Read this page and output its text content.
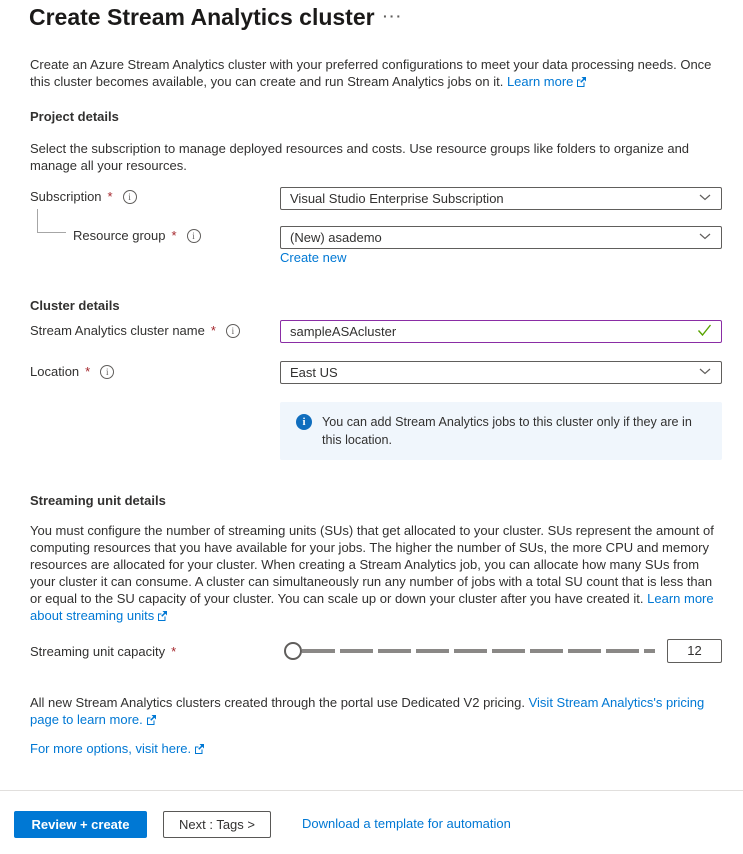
Create Stream Analytics cluster ···

Create an Azure Stream Analytics cluster with your preferred configurations to meet your data processing needs. Once this cluster becomes available, you can create and run Stream Analytics jobs on it. Learn more

Project details

Select the subscription to manage deployed resources and costs. Use resource groups like folders to organize and manage all your resources.

Subscription * i	Visual Studio Enterprise Subscription
Resource group * i	(New) asademo
Create new
Cluster details
Stream Analytics cluster name * i	sampleASAcluster
Location * i	East US
i
You can add Stream Analytics jobs to this cluster only if they are in this location.
Streaming unit details

You must configure the number of streaming units (SUs) that get allocated to your cluster. SUs represent the amount of computing resources that you have available for your jobs. The higher the number of SUs, the more CPU and memory resources are allocated for your cluster. When creating a Stream Analytics job, you can allocate how many SUs from your cluster it can consume. A cluster can simultaneously run any number of jobs with a total SU count that is less than or equal to the SU capacity of your cluster. You can scale up or down your cluster after you have created it. Learn more about streaming units

Streaming unit capacity *	12

All new Stream Analytics clusters created through the portal use Dedicated V2 pricing. Visit Stream Analytics's pricing page to learn more.

For more options, visit here.

Review + create	Next : Tags >	Download a template for automation
